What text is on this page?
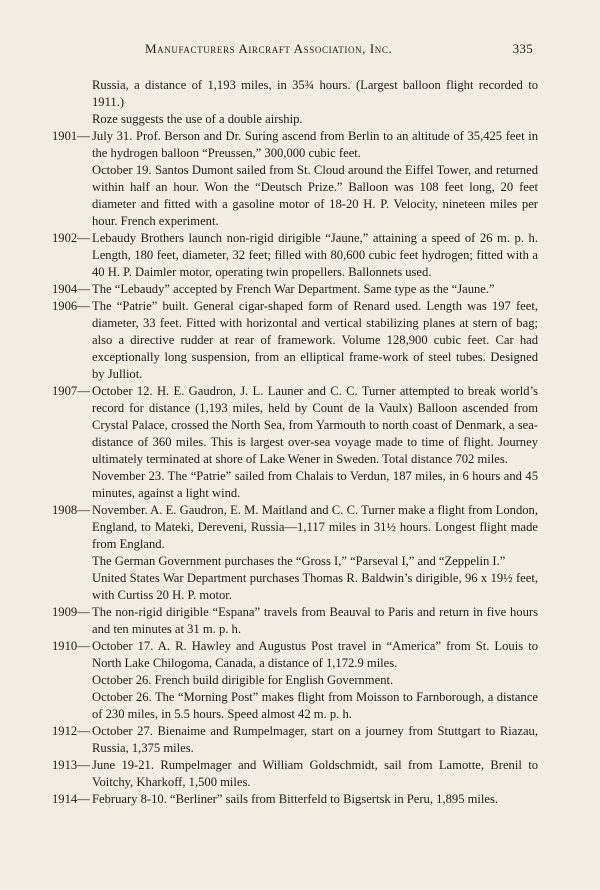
Manufacturers Aircraft Association, Inc.	335

Russia, a distance of 1,193 miles, in 35¾ hours. (Largest balloon flight recorded to 1911.)

Roze suggests the use of a double airship.

1901— July 31. Prof. Berson and Dr. Suring ascend from Berlin to an altitude of 35,425 feet in the hydrogen balloon “Preussen,” 300,000 cubic feet.

October 19. Santos Dumont sailed from St. Cloud around the Eiffel Tower, and returned within half an hour. Won the “Deutsch Prize.” Balloon was 108 feet long, 20 feet diameter and fitted with a gasoline motor of 18-20 H. P. Velocity, nineteen miles per hour. French experiment.

1902— Lebaudy Brothers launch non-rigid dirigible “Jaune,” attaining a speed of 26 m. p. h. Length, 180 feet, diameter, 32 feet; filled with 80,600 cubic feet hydrogen; fitted with a 40 H. P. Daimler motor, operating twin propellers. Ballonnets used.

1904— The “Lebaudy” accepted by French War Department. Same type as the “Jaune.”

1906— The “Patrie” built. General cigar-shaped form of Renard used. Length was 197 feet, diameter, 33 feet. Fitted with horizontal and vertical stabilizing planes at stern of bag; also a directive rudder at rear of framework. Volume 128,900 cubic feet. Car had exceptionally long suspension, from an elliptical frame-work of steel tubes. Designed by Julliot.

1907— October 12. H. E. Gaudron, J. L. Launer and C. C. Turner attempted to break world’s record for distance (1,193 miles, held by Count de la Vaulx) Balloon ascended from Crystal Palace, crossed the North Sea, from Yarmouth to north coast of Denmark, a sea-distance of 360 miles. This is largest over-sea voyage made to time of flight. Journey ultimately terminated at shore of Lake Wener in Sweden. Total distance 702 miles.

November 23. The “Patrie” sailed from Chalais to Verdun, 187 miles, in 6 hours and 45 minutes, against a light wind.

1908— November. A. E. Gaudron, E. M. Maitland and C. C. Turner make a flight from London, England, to Mateki, Dereveni, Russia—1,117 miles in 31½ hours. Longest flight made from England.

The German Government purchases the “Gross I,” “Parseval I,” and “Zeppelin I.”

United States War Department purchases Thomas R. Baldwin’s dirigible, 96 x 19½ feet, with Curtiss 20 H. P. motor.

1909— The non-rigid dirigible “Espana” travels from Beauval to Paris and return in five hours and ten minutes at 31 m. p. h.

1910— October 17. A. R. Hawley and Augustus Post travel in “America” from St. Louis to North Lake Chilogoma, Canada, a distance of 1,172.9 miles.

October 26. French build dirigible for English Government.

October 26. The “Morning Post” makes flight from Moisson to Farnborough, a distance of 230 miles, in 5.5 hours. Speed almost 42 m. p. h.

1912— October 27. Bienaime and Rumpelmager, start on a journey from Stuttgart to Riazau, Russia, 1,375 miles.

1913— June 19-21. Rumpelmager and William Goldschmidt, sail from Lamotte, Brenil to Voitchy, Kharkoff, 1,500 miles.

1914— February 8-10. “Berliner” sails from Bitterfeld to Bigsertsk in Peru, 1,895 miles.
